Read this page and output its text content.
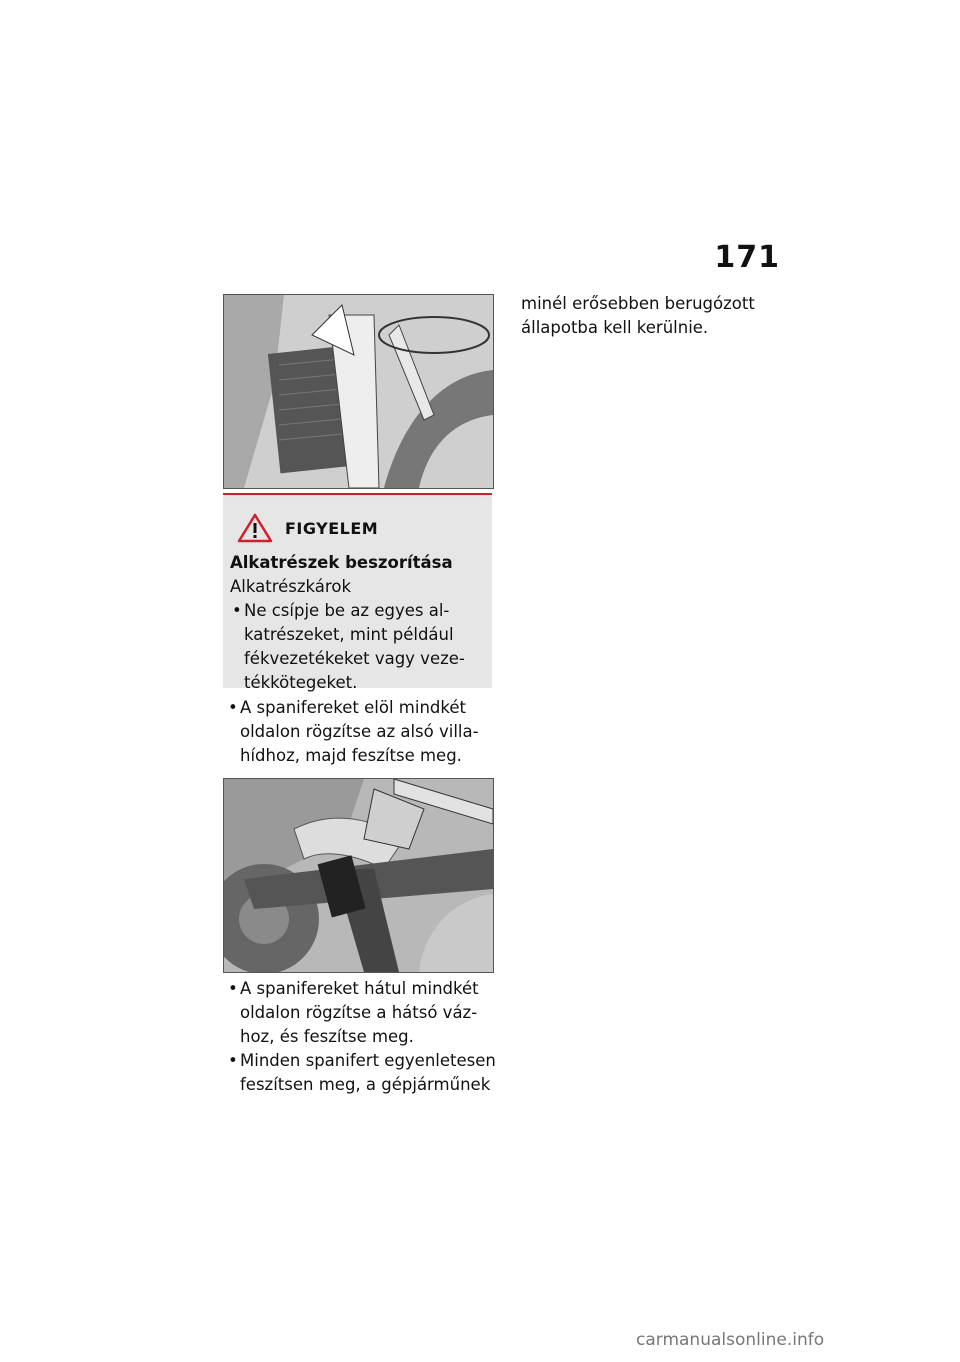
171
FIGYELEM
Alkatrészek beszorítása
Alkatrészkárok
• Ne csípje be az egyes al-
katrészeket, mint például
fékvezetékeket vagy veze-
tékkötegeket.
• A spanifereket elöl mindkét
oldalon rögzítse az alsó villa-
hídhoz, majd feszítse meg.
• A spanifereket hátul mindkét
oldalon rögzítse a hátsó váz-
hoz, és feszítse meg.
• Minden spanifert egyenletesen
feszítsen meg, a gépjárműnek
minél erősebben berugózott
állapotba kell kerülnie.
carmanualsonline.info
